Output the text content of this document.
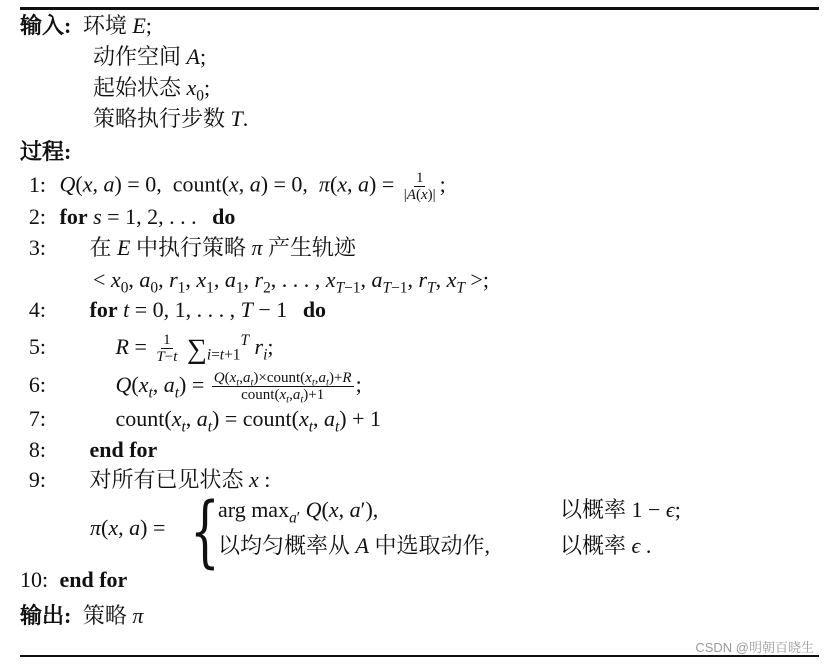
输入: 环境 E;
动作空间 A;
起始状态 $x_0$;
策略执行步数 T.
过程:
1: Q(x, a) = 0,  count(x, a) = 0,  π(x, $a) = \frac{1}{|A(x)|}$ ;
2: for s = 1, 2, . . . do
3: 在 E 中执行策略 π 产生轨迹
< $x_0$, $a_0$, $r_1$, $x_1$, $a_1$, $r_2$, . . . , $x_{T-1}$, $a_{T-1}$, $r_T$, $x_T$ >;
4: for t = 0, 1, . . . , T − 1 do
5:	$R = \frac{1}{T-t} \sum_{i=t+1}^T$ $r_i$;
6:	$Q(x_t$, $a_t) = \frac{Q(x_t,a_t)\times count(x_t,a_t)+R}{count(x_t,a_t)+1}$ ;
7:	$count(x_t$, $a_t$) = $count(x_t$, $a_t) + 1$
8: end for
9: 对所有已见状态 x :
π(x, a) = {
arg $\max_{a'} Q(x$, a′),	以概率 1 − ϵ;
以均匀概率从 A 中选取动作,	以概率 ϵ .
10: end for
输出: 策略 π
CSDN @明朝百晓生
